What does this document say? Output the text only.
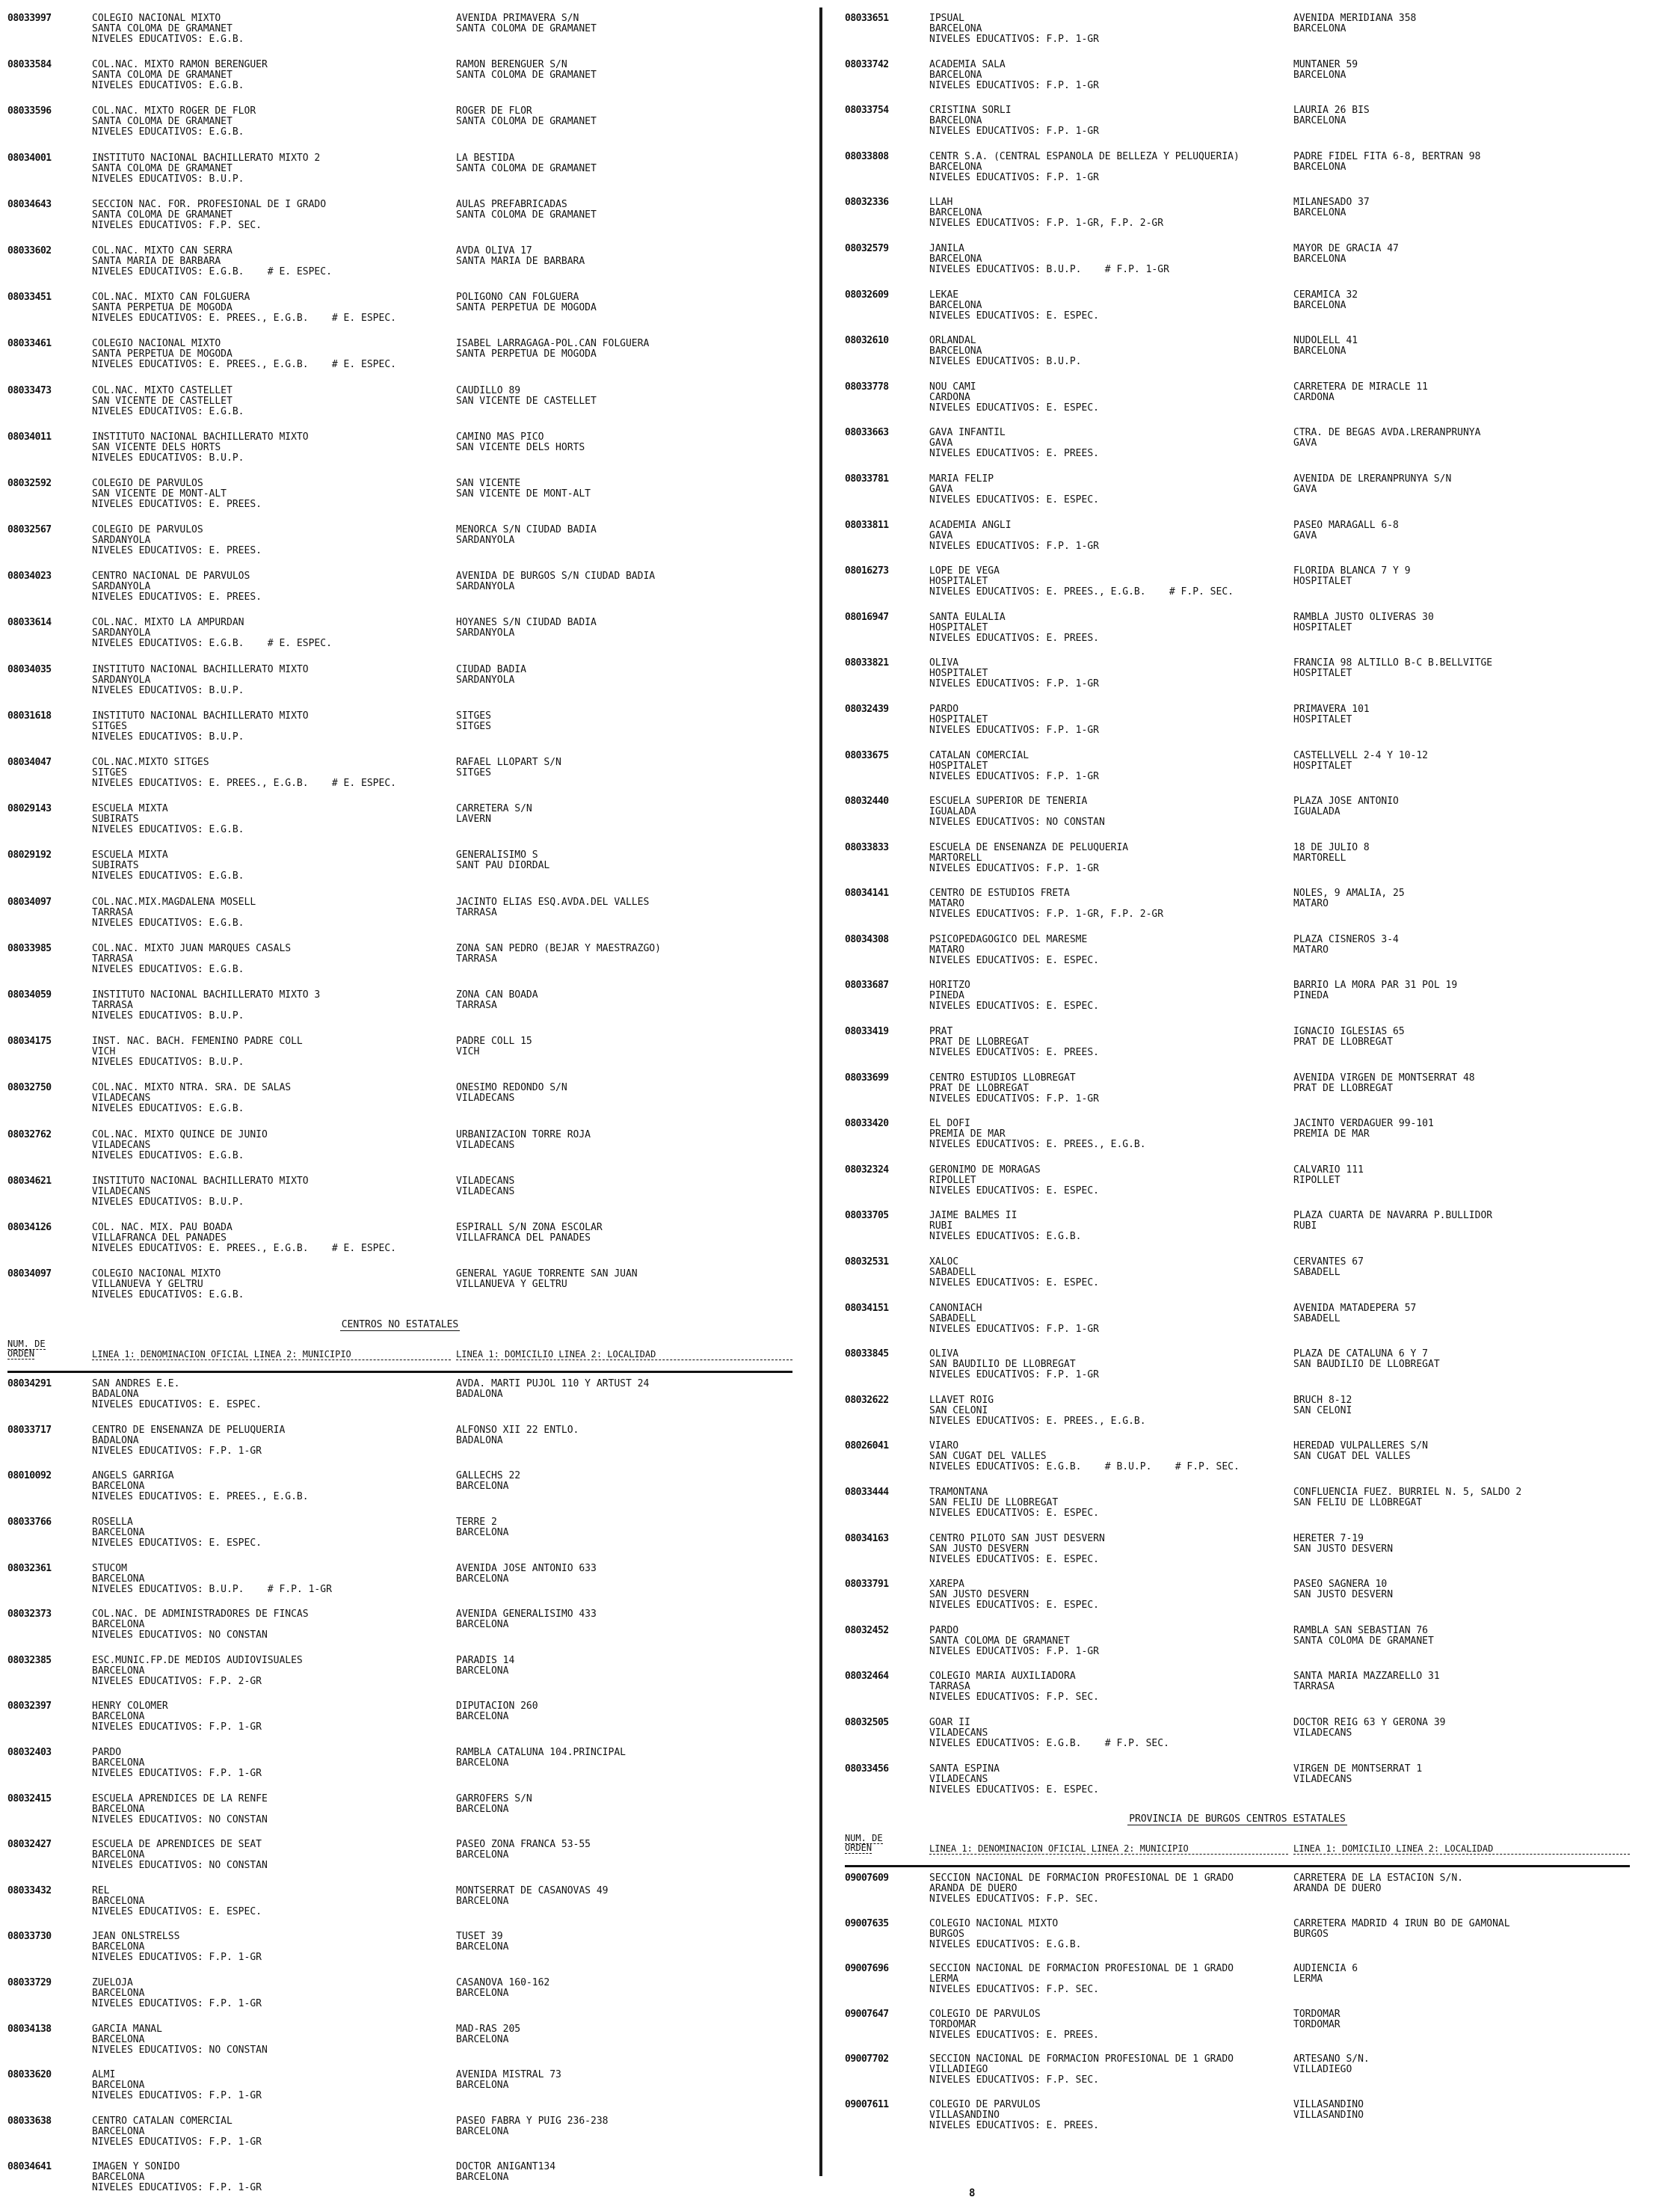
08033997	COLEGIO NACIONAL MIXTO
SANTA COLOMA DE GRAMANET
NIVELES EDUCATIVOS: E.G.B.
AVENIDA PRIMAVERA S/N
SANTA COLOMA DE GRAMANET
08033584	COL.NAC. MIXTO RAMON BERENGUER
SANTA COLOMA DE GRAMANET
NIVELES EDUCATIVOS: E.G.B.
RAMON BERENGUER S/N
SANTA COLOMA DE GRAMANET
08033596	COL.NAC. MIXTO ROGER DE FLOR
SANTA COLOMA DE GRAMANET
NIVELES EDUCATIVOS: E.G.B.
ROGER DE FLOR
SANTA COLOMA DE GRAMANET
08034001	INSTITUTO NACIONAL BACHILLERATO MIXTO 2
SANTA COLOMA DE GRAMANET
NIVELES EDUCATIVOS: B.U.P.
LA BESTIDA
SANTA COLOMA DE GRAMANET
08034643	SECCION NAC. FOR. PROFESIONAL DE I GRADO
SANTA COLOMA DE GRAMANET
NIVELES EDUCATIVOS: F.P. SEC.
AULAS PREFABRICADAS
SANTA COLOMA DE GRAMANET
08033602	COL.NAC. MIXTO CAN SERRA
SANTA MARIA DE BARBARA
NIVELES EDUCATIVOS: E.G.B.    # E. ESPEC.
AVDA OLIVA 17
SANTA MARIA DE BARBARA
08033451	COL.NAC. MIXTO CAN FOLGUERA
SANTA PERPETUA DE MOGODA
NIVELES EDUCATIVOS: E. PREES., E.G.B.    # E. ESPEC.
POLIGONO CAN FOLGUERA
SANTA PERPETUA DE MOGODA
08033461	COLEGIO NACIONAL MIXTO
SANTA PERPETUA DE MOGODA
NIVELES EDUCATIVOS: E. PREES., E.G.B.    # E. ESPEC.
ISABEL LARRAGAGA-POL.CAN FOLGUERA
SANTA PERPETUA DE MOGODA
08033473	COL.NAC. MIXTO CASTELLET
SAN VICENTE DE CASTELLET
NIVELES EDUCATIVOS: E.G.B.
CAUDILLO 89
SAN VICENTE DE CASTELLET
08034011	INSTITUTO NACIONAL BACHILLERATO MIXTO
SAN VICENTE DELS HORTS
NIVELES EDUCATIVOS: B.U.P.
CAMINO MAS PICO
SAN VICENTE DELS HORTS
08032592	COLEGIO DE PARVULOS
SAN VICENTE DE MONT-ALT
NIVELES EDUCATIVOS: E. PREES.
SAN VICENTE
SAN VICENTE DE MONT-ALT
08032567	COLEGIO DE PARVULOS
SARDANYOLA
NIVELES EDUCATIVOS: E. PREES.
MENORCA S/N CIUDAD BADIA
SARDANYOLA
08034023	CENTRO NACIONAL DE PARVULOS
SARDANYOLA
NIVELES EDUCATIVOS: E. PREES.
AVENIDA DE BURGOS S/N CIUDAD BADIA
SARDANYOLA
08033614	COL.NAC. MIXTO LA AMPURDAN
SARDANYOLA
NIVELES EDUCATIVOS: E.G.B.    # E. ESPEC.
HOYANES S/N CIUDAD BADIA
SARDANYOLA
08034035	INSTITUTO NACIONAL BACHILLERATO MIXTO
SARDANYOLA
NIVELES EDUCATIVOS: B.U.P.
CIUDAD BADIA
SARDANYOLA
08031618	INSTITUTO NACIONAL BACHILLERATO MIXTO
SITGES
NIVELES EDUCATIVOS: B.U.P.
SITGES
SITGES
08034047	COL.NAC.MIXTO SITGES
SITGES
NIVELES EDUCATIVOS: E. PREES., E.G.B.    # E. ESPEC.
RAFAEL LLOPART S/N
SITGES
08029143	ESCUELA MIXTA
SUBIRATS
NIVELES EDUCATIVOS: E.G.B.
CARRETERA S/N
LAVERN
08029192	ESCUELA MIXTA
SUBIRATS
NIVELES EDUCATIVOS: E.G.B.
GENERALISIMO S
SANT PAU DIORDAL
08034097	COL.NAC.MIX.MAGDALENA MOSELL
TARRASA
NIVELES EDUCATIVOS: E.G.B.
JACINTO ELIAS ESQ.AVDA.DEL VALLES
TARRASA
08033985	COL.NAC. MIXTO JUAN MARQUES CASALS
TARRASA
NIVELES EDUCATIVOS: E.G.B.
ZONA SAN PEDRO (BEJAR Y MAESTRAZGO)
TARRASA
08034059	INSTITUTO NACIONAL BACHILLERATO MIXTO 3
TARRASA
NIVELES EDUCATIVOS: B.U.P.
ZONA CAN BOADA
TARRASA
08034175	INST. NAC. BACH. FEMENINO PADRE COLL
VICH
NIVELES EDUCATIVOS: B.U.P.
PADRE COLL 15
VICH
08032750	COL.NAC. MIXTO NTRA. SRA. DE SALAS
VILADECANS
NIVELES EDUCATIVOS: E.G.B.
ONESIMO REDONDO S/N
VILADECANS
08032762	COL.NAC. MIXTO QUINCE DE JUNIO
VILADECANS
NIVELES EDUCATIVOS: E.G.B.
URBANIZACION TORRE ROJA
VILADECANS
08034621	INSTITUTO NACIONAL BACHILLERATO MIXTO
VILADECANS
NIVELES EDUCATIVOS: B.U.P.
VILADECANS
VILADECANS
08034126	COL. NAC. MIX. PAU BOADA
VILLAFRANCA DEL PANADES
NIVELES EDUCATIVOS: E. PREES., E.G.B.    # E. ESPEC.
ESPIRALL S/N ZONA ESCOLAR
VILLAFRANCA DEL PANADES
08034097	COLEGIO NACIONAL MIXTO
VILLANUEVA Y GELTRU
NIVELES EDUCATIVOS: E.G.B.
GENERAL YAGUE TORRENTE SAN JUAN
VILLANUEVA Y GELTRU
CENTROS NO ESTATALES
NUM. DE
ORDEN	LINEA 1: DENOMINACION OFICIAL LINEA 2: MUNICIPIO	LINEA 1: DOMICILIO LINEA 2: LOCALIDAD
08034291	SAN ANDRES E.E.
BADALONA
NIVELES EDUCATIVOS: E. ESPEC.
AVDA. MARTI PUJOL 110 Y ARTUST 24
BADALONA
08033717	CENTRO DE ENSENANZA DE PELUQUERIA
BADALONA
NIVELES EDUCATIVOS: F.P. 1-GR
ALFONSO XII 22 ENTLO.
BADALONA
08010092	ANGELS GARRIGA
BARCELONA
NIVELES EDUCATIVOS: E. PREES., E.G.B.
GALLECHS 22
BARCELONA
08033766	ROSELLA
BARCELONA
NIVELES EDUCATIVOS: E. ESPEC.
TERRE 2
BARCELONA
08032361	STUCOM
BARCELONA
NIVELES EDUCATIVOS: B.U.P.    # F.P. 1-GR
AVENIDA JOSE ANTONIO 633
BARCELONA
08032373	COL.NAC. DE ADMINISTRADORES DE FINCAS
BARCELONA
NIVELES EDUCATIVOS: NO CONSTAN
AVENIDA GENERALISIMO 433
BARCELONA
08032385	ESC.MUNIC.FP.DE MEDIOS AUDIOVISUALES
BARCELONA
NIVELES EDUCATIVOS: F.P. 2-GR
PARADIS 14
BARCELONA
08032397	HENRY COLOMER
BARCELONA
NIVELES EDUCATIVOS: F.P. 1-GR
DIPUTACION 260
BARCELONA
08032403	PARDO
BARCELONA
NIVELES EDUCATIVOS: F.P. 1-GR
RAMBLA CATALUNA 104.PRINCIPAL
BARCELONA
08032415	ESCUELA APRENDICES DE LA RENFE
BARCELONA
NIVELES EDUCATIVOS: NO CONSTAN
GARROFERS S/N
BARCELONA
08032427	ESCUELA DE APRENDICES DE SEAT
BARCELONA
NIVELES EDUCATIVOS: NO CONSTAN
PASEO ZONA FRANCA 53-55
BARCELONA
08033432	REL
BARCELONA
NIVELES EDUCATIVOS: E. ESPEC.
MONTSERRAT DE CASANOVAS 49
BARCELONA
08033730	JEAN ONLSTRELSS
BARCELONA
NIVELES EDUCATIVOS: F.P. 1-GR
TUSET 39
BARCELONA
08033729	ZUELOJA
BARCELONA
NIVELES EDUCATIVOS: F.P. 1-GR
CASANOVA 160-162
BARCELONA
08034138	GARCIA MANAL
BARCELONA
NIVELES EDUCATIVOS: NO CONSTAN
MAD-RAS 205
BARCELONA
08033620	ALMI
BARCELONA
NIVELES EDUCATIVOS: F.P. 1-GR
AVENIDA MISTRAL 73
BARCELONA
08033638	CENTRO CATALAN COMERCIAL
BARCELONA
NIVELES EDUCATIVOS: F.P. 1-GR
PASEO FABRA Y PUIG 236-238
BARCELONA
08034641	IMAGEN Y SONIDO
BARCELONA
NIVELES EDUCATIVOS: F.P. 1-GR
DOCTOR ANIGANT134
BARCELONA
08033651	IPSUAL
BARCELONA
NIVELES EDUCATIVOS: F.P. 1-GR
AVENIDA MERIDIANA 358
BARCELONA
08033742	ACADEMIA SALA
BARCELONA
NIVELES EDUCATIVOS: F.P. 1-GR
MUNTANER 59
BARCELONA
08033754	CRISTINA SORLI
BARCELONA
NIVELES EDUCATIVOS: F.P. 1-GR
LAURIA 26 BIS
BARCELONA
08033808	CENTR S.A. (CENTRAL ESPANOLA DE BELLEZA Y PELUQUERIA)
BARCELONA
NIVELES EDUCATIVOS: F.P. 1-GR
PADRE FIDEL FITA 6-8, BERTRAN 98
BARCELONA
08032336	LLAH
BARCELONA
NIVELES EDUCATIVOS: F.P. 1-GR, F.P. 2-GR
MILANESADO 37
BARCELONA
08032579	JANILA
BARCELONA
NIVELES EDUCATIVOS: B.U.P.    # F.P. 1-GR
MAYOR DE GRACIA 47
BARCELONA
08032609	LEKAE
BARCELONA
NIVELES EDUCATIVOS: E. ESPEC.
CERAMICA 32
BARCELONA
08032610	ORLANDAL
BARCELONA
NIVELES EDUCATIVOS: B.U.P.
NUDOLELL 41
BARCELONA
08033778	NOU CAMI
CARDONA
NIVELES EDUCATIVOS: E. ESPEC.
CARRETERA DE MIRACLE 11
CARDONA
08033663	GAVA INFANTIL
GAVA
NIVELES EDUCATIVOS: E. PREES.
CTRA. DE BEGAS AVDA.LRERANPRUNYA
GAVA
08033781	MARIA FELIP
GAVA
NIVELES EDUCATIVOS: E. ESPEC.
AVENIDA DE LRERANPRUNYA S/N
GAVA
08033811	ACADEMIA ANGLI
GAVA
NIVELES EDUCATIVOS: F.P. 1-GR
PASEO MARAGALL 6-8
GAVA
08016273	LOPE DE VEGA
HOSPITALET
NIVELES EDUCATIVOS: E. PREES., E.G.B.    # F.P. SEC.
FLORIDA BLANCA 7 Y 9
HOSPITALET
08016947	SANTA EULALIA
HOSPITALET
NIVELES EDUCATIVOS: E. PREES.
RAMBLA JUSTO OLIVERAS 30
HOSPITALET
08033821	OLIVA
HOSPITALET
NIVELES EDUCATIVOS: F.P. 1-GR
FRANCIA 98 ALTILLO B-C B.BELLVITGE
HOSPITALET
08032439	PARDO
HOSPITALET
NIVELES EDUCATIVOS: F.P. 1-GR
PRIMAVERA 101
HOSPITALET
08033675	CATALAN COMERCIAL
HOSPITALET
NIVELES EDUCATIVOS: F.P. 1-GR
CASTELLVELL 2-4 Y 10-12
HOSPITALET
08032440	ESCUELA SUPERIOR DE TENERIA
IGUALADA
NIVELES EDUCATIVOS: NO CONSTAN
PLAZA JOSE ANTONIO
IGUALADA
08033833	ESCUELA DE ENSENANZA DE PELUQUERIA
MARTORELL
NIVELES EDUCATIVOS: F.P. 1-GR
18 DE JULIO 8
MARTORELL
08034141	CENTRO DE ESTUDIOS FRETA
MATARO
NIVELES EDUCATIVOS: F.P. 1-GR, F.P. 2-GR
NOLES, 9 AMALIA, 25
MATARO
08034308	PSICOPEDAGOGICO DEL MARESME
MATARO
NIVELES EDUCATIVOS: E. ESPEC.
PLAZA CISNEROS 3-4
MATARO
08033687	HORITZO
PINEDA
NIVELES EDUCATIVOS: E. ESPEC.
BARRIO LA MORA PAR 31 POL 19
PINEDA
08033419	PRAT
PRAT DE LLOBREGAT
NIVELES EDUCATIVOS: E. PREES.
IGNACIO IGLESIAS 65
PRAT DE LLOBREGAT
08033699	CENTRO ESTUDIOS LLOBREGAT
PRAT DE LLOBREGAT
NIVELES EDUCATIVOS: F.P. 1-GR
AVENIDA VIRGEN DE MONTSERRAT 48
PRAT DE LLOBREGAT
08033420	EL DOFI
PREMIA DE MAR
NIVELES EDUCATIVOS: E. PREES., E.G.B.
JACINTO VERDAGUER 99-101
PREMIA DE MAR
08032324	GERONIMO DE MORAGAS
RIPOLLET
NIVELES EDUCATIVOS: E. ESPEC.
CALVARIO 111
RIPOLLET
08033705	JAIME BALMES II
RUBI
NIVELES EDUCATIVOS: E.G.B.
PLAZA CUARTA DE NAVARRA P.BULLIDOR
RUBI
08032531	XALOC
SABADELL
NIVELES EDUCATIVOS: E. ESPEC.
CERVANTES 67
SABADELL
08034151	CANONIACH
SABADELL
NIVELES EDUCATIVOS: F.P. 1-GR
AVENIDA MATADEPERA 57
SABADELL
08033845	OLIVA
SAN BAUDILIO DE LLOBREGAT
NIVELES EDUCATIVOS: F.P. 1-GR
PLAZA DE CATALUNA 6 Y 7
SAN BAUDILIO DE LLOBREGAT
08032622	LLAVET ROIG
SAN CELONI
NIVELES EDUCATIVOS: E. PREES., E.G.B.
BRUCH 8-12
SAN CELONI
08026041	VIARO
SAN CUGAT DEL VALLES
NIVELES EDUCATIVOS: E.G.B.    # B.U.P.    # F.P. SEC.
HEREDAD VULPALLERES S/N
SAN CUGAT DEL VALLES
08033444	TRAMONTANA
SAN FELIU DE LLOBREGAT
NIVELES EDUCATIVOS: E. ESPEC.
CONFLUENCIA FUEZ. BURRIEL N. 5, SALDO 2
SAN FELIU DE LLOBREGAT
08034163	CENTRO PILOTO SAN JUST DESVERN
SAN JUSTO DESVERN
NIVELES EDUCATIVOS: E. ESPEC.
HERETER 7-19
SAN JUSTO DESVERN
08033791	XAREPA
SAN JUSTO DESVERN
NIVELES EDUCATIVOS: E. ESPEC.
PASEO SAGNERA 10
SAN JUSTO DESVERN
08032452	PARDO
SANTA COLOMA DE GRAMANET
NIVELES EDUCATIVOS: F.P. 1-GR
RAMBLA SAN SEBASTIAN 76
SANTA COLOMA DE GRAMANET
08032464	COLEGIO MARIA AUXILIADORA
TARRASA
NIVELES EDUCATIVOS: F.P. SEC.
SANTA MARIA MAZZARELLO 31
TARRASA
08032505	GOAR II
VILADECANS
NIVELES EDUCATIVOS: E.G.B.    # F.P. SEC.
DOCTOR REIG 63 Y GERONA 39
VILADECANS
08033456	SANTA ESPINA
VILADECANS
NIVELES EDUCATIVOS: E. ESPEC.
VIRGEN DE MONTSERRAT 1
VILADECANS
PROVINCIA DE BURGOS CENTROS ESTATALES
NUM. DE
ORDEN	LINEA 1: DENOMINACION OFICIAL LINEA 2: MUNICIPIO	LINEA 1: DOMICILIO LINEA 2: LOCALIDAD
09007609	SECCION NACIONAL DE FORMACION PROFESIONAL DE 1 GRADO
ARANDA DE DUERO
NIVELES EDUCATIVOS: F.P. SEC.
CARRETERA DE LA ESTACION S/N.
ARANDA DE DUERO
09007635	COLEGIO NACIONAL MIXTO
BURGOS
NIVELES EDUCATIVOS: E.G.B.
CARRETERA MADRID 4 IRUN BO DE GAMONAL
BURGOS
09007696	SECCION NACIONAL DE FORMACION PROFESIONAL DE 1 GRADO
LERMA
NIVELES EDUCATIVOS: F.P. SEC.
AUDIENCIA 6
LERMA
09007647	COLEGIO DE PARVULOS
TORDOMAR
NIVELES EDUCATIVOS: E. PREES.
TORDOMAR
TORDOMAR
09007702	SECCION NACIONAL DE FORMACION PROFESIONAL DE 1 GRADO
VILLADIEGO
NIVELES EDUCATIVOS: F.P. SEC.
ARTESANO S/N.
VILLADIEGO
09007611	COLEGIO DE PARVULOS
VILLASANDINO
NIVELES EDUCATIVOS: E. PREES.
VILLASANDINO
VILLASANDINO
8
